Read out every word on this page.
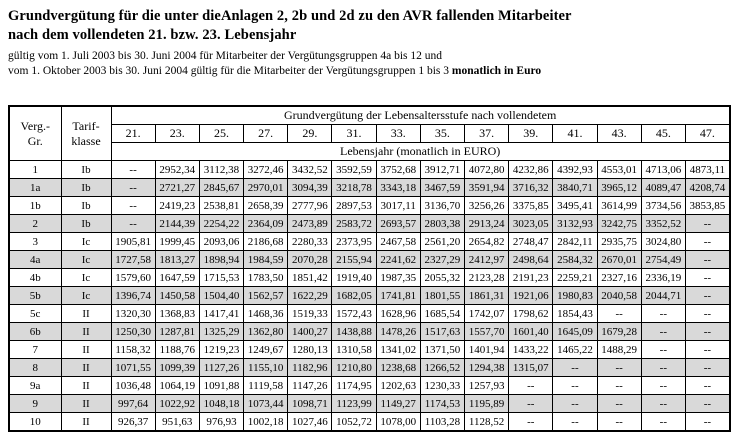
Grundvergütung für die unter dieAnlagen 2, 2b und 2d zu den AVR fallenden Mitarbeiter
nach dem vollendeten 21. bzw. 23. Lebensjahr
gültig vom 1. Juli 2003 bis 30. Juni 2004 für Mitarbeiter der Vergütungsgruppen 4a bis 12 und
vom 1. Oktober 2003 bis 30. Juni 2004 gültig für die Mitarbeiter der Vergütungsgruppen 1 bis 3 monatlich in Euro
Verg.-
Gr.

Tarif-
klasse
	Grundvergütung der Lebensaltersstufe nach vollendetem
		21.	23.	25.	27.	29.	31.	33.	35.	37.	39.	41.	43.	45.	47.
		Lebensjahr (monatlich in EURO)													
1	Ib	--	2952,34	3112,38	3272,46	3432,52	3592,59	3752,68	3912,71	4072,80	4232,86	4392,93	4553,01	4713,06	4873,11
1a	Ib	--	2721,27	2845,67	2970,01	3094,39	3218,78	3343,18	3467,59	3591,94	3716,32	3840,71	3965,12	4089,47	4208,74
1b	Ib	--	2419,23	2538,81	2658,39	2777,96	2897,53	3017,11	3136,70	3256,26	3375,85	3495,41	3614,99	3734,56	3853,85
2	Ib	--	2144,39	2254,22	2364,09	2473,89	2583,72	2693,57	2803,38	2913,24	3023,05	3132,93	3242,75	3352,52	--
3	Ic	1905,81	1999,45	2093,06	2186,68	2280,33	2373,95	2467,58	2561,20	2654,82	2748,47	2842,11	2935,75	3024,80	--
4a	Ic	1727,58	1813,27	1898,94	1984,59	2070,28	2155,94	2241,62	2327,29	2412,97	2498,64	2584,32	2670,01	2754,49	--
4b	Ic	1579,60	1647,59	1715,53	1783,50	1851,42	1919,40	1987,35	2055,32	2123,28	2191,23	2259,21	2327,16	2336,19	--
5b	Ic	1396,74	1450,58	1504,40	1562,57	1622,29	1682,05	1741,81	1801,55	1861,31	1921,06	1980,83	2040,58	2044,71	--
5c	II	1320,30	1368,83	1417,41	1468,36	1519,33	1572,43	1628,96	1685,54	1742,07	1798,62	1854,43	--	--	--
6b	II	1250,30	1287,81	1325,29	1362,80	1400,27	1438,88	1478,26	1517,63	1557,70	1601,40	1645,09	1679,28	--	--
7	II	1158,32	1188,76	1219,23	1249,67	1280,13	1310,58	1341,02	1371,50	1401,94	1433,22	1465,22	1488,29	--	--
8	II	1071,55	1099,39	1127,26	1155,10	1182,96	1210,80	1238,68	1266,52	1294,38	1315,07	--	--	--	--
9a	II	1036,48	1064,19	1091,88	1119,58	1147,26	1174,95	1202,63	1230,33	1257,93	--	--	--	--	--
9	II	997,64	1022,92	1048,18	1073,44	1098,71	1123,99	1149,27	1174,53	1195,89	--	--	--	--	--
10	II	926,37	951,63	976,93	1002,18	1027,46	1052,72	1078,00	1103,28	1128,52	--	--	--	--	--
